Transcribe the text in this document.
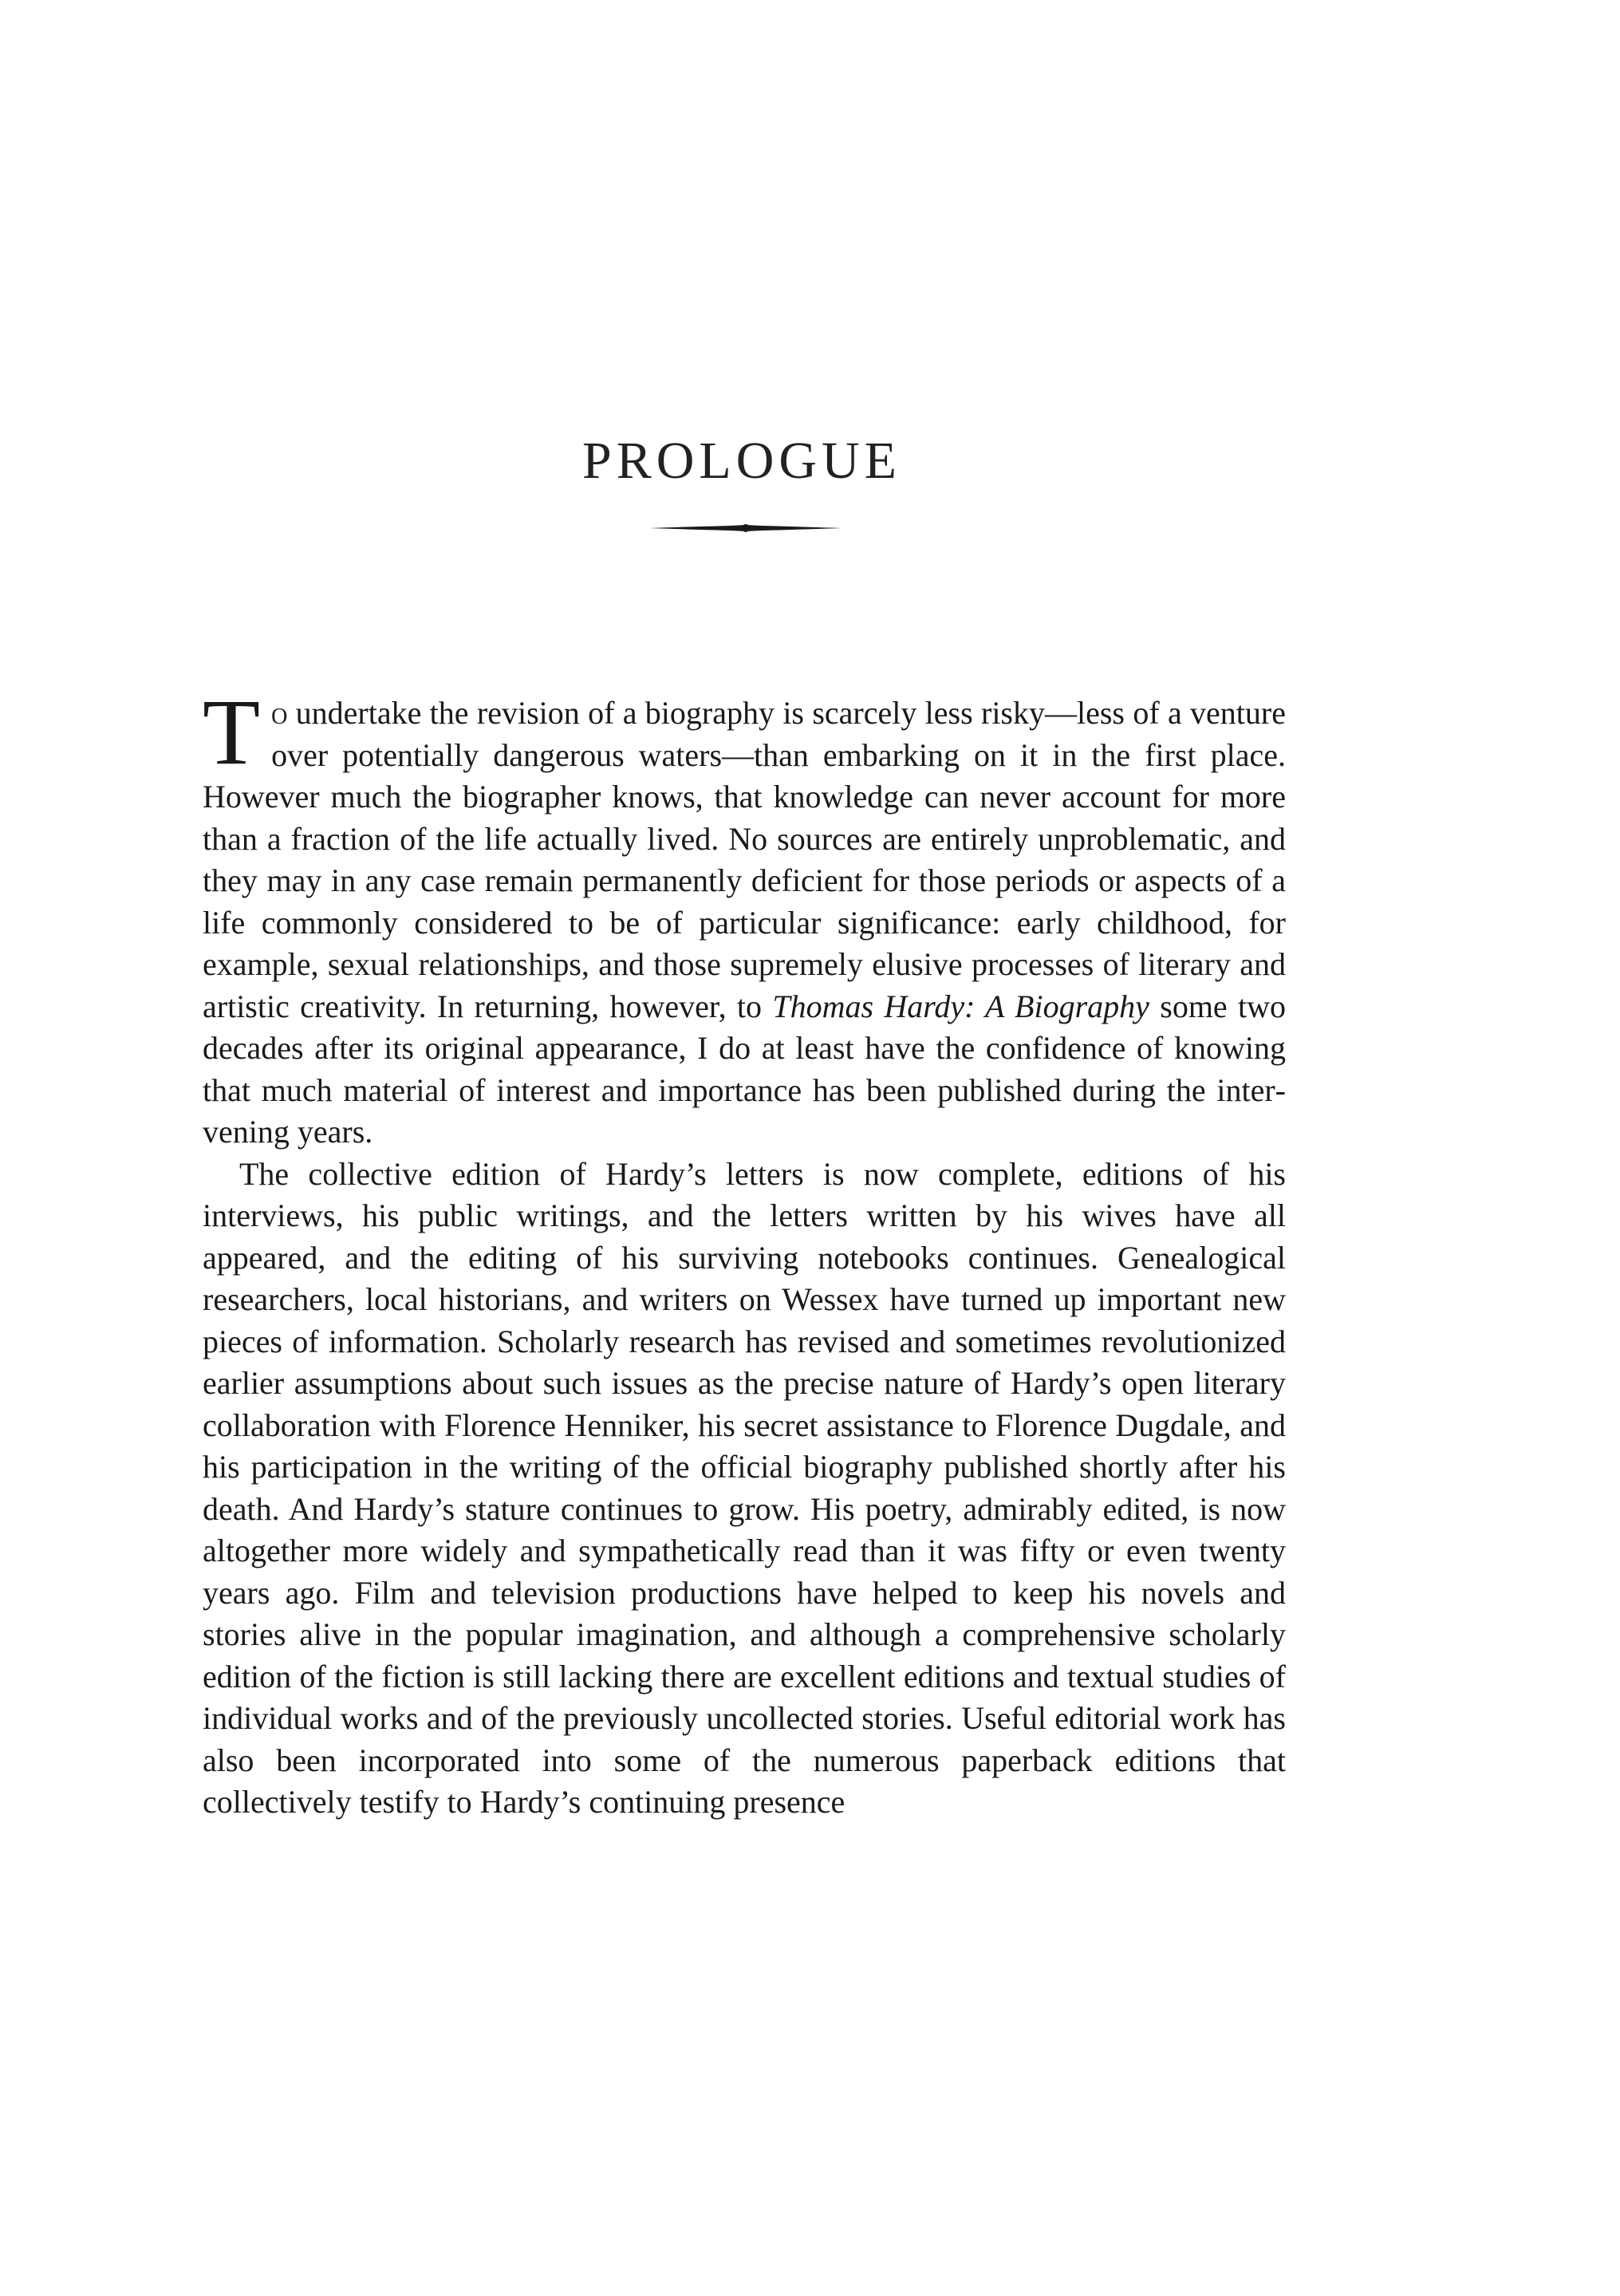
PROLOGUE

To undertake the revision of a biography is scarcely less risky—less of a venture over potentially dangerous waters—than embarking on it in the first place. However much the biographer knows, that knowledge can never account for more than a fraction of the life actually lived. No sources are entirely unproblematic, and they may in any case remain permanently deficient for those periods or aspects of a life commonly considered to be of particular significance: early childhood, for example, sexual relationships, and those supremely elusive processes of literary and artistic creativity. In returning, however, to Thomas Hardy: A Biography some two decades after its original appearance, I do at least have the confidence of knowing that much material of interest and importance has been published during the intervening years.

The collective edition of Hardy’s letters is now complete, editions of his interviews, his public writings, and the letters written by his wives have all appeared, and the editing of his surviving notebooks continues. Genealogical researchers, local historians, and writers on Wessex have turned up important new pieces of information. Scholarly research has revised and sometimes revolutionized earlier assumptions about such issues as the precise nature of Hardy’s open literary collaboration with Florence Henniker, his secret assistance to Florence Dugdale, and his participation in the writing of the official biography published shortly after his death. And Hardy’s stature continues to grow. His poetry, admirably edited, is now altogether more widely and sympathetically read than it was fifty or even twenty years ago. Film and television productions have helped to keep his novels and stories alive in the popular imagination, and although a comprehensive scholarly edition of the fiction is still lacking there are excellent editions and textual studies of individual works and of the previously uncollected stories. Useful editorial work has also been incorporated into some of the numerous paperback editions that collectively testify to Hardy’s continuing presence
